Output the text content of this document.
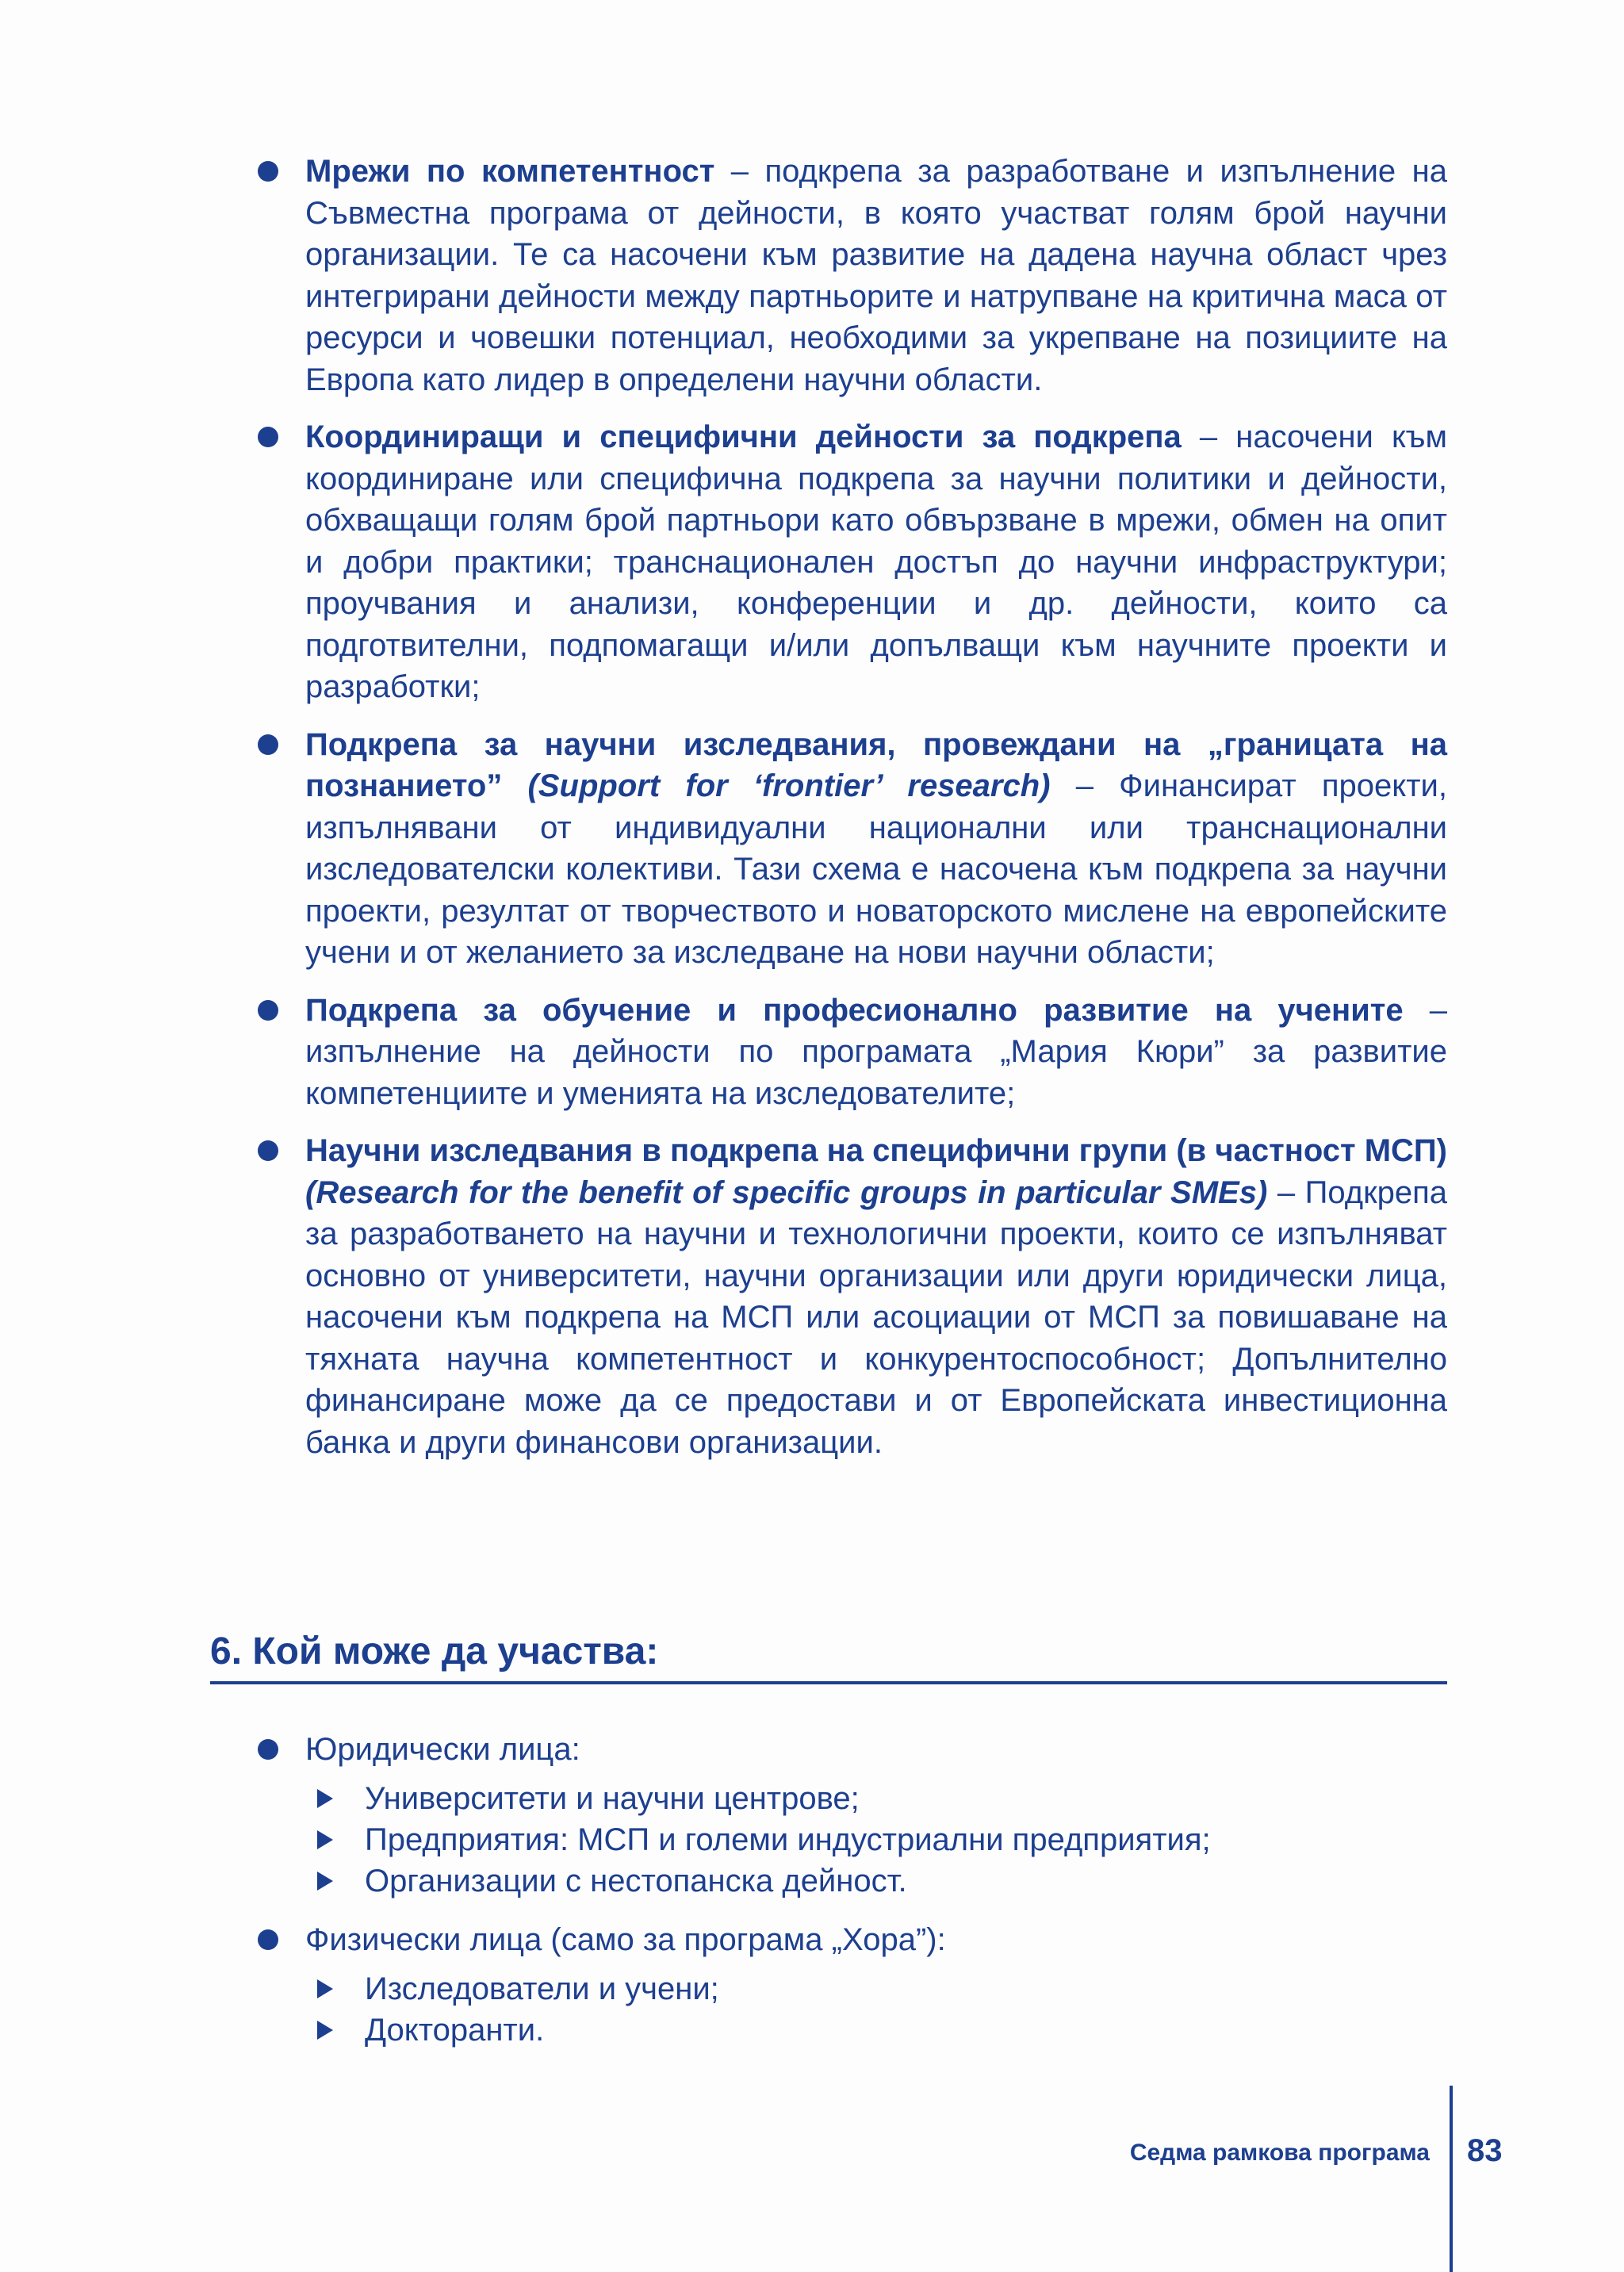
Мрежи по компетентност – подкрепа за разработване и изпълнение на Съвместна програма от дейности, в която участват голям брой научни организации. Те са насочени към развитие на дадена научна област чрез интегрирани дейности между партньорите и натрупване на критична маса от ресурси и човешки потенциал, необходими за укрепване на позициите на Европа като лидер в определени научни области.
Координиращи и специфични дейности за подкрепа – насочени към координиране или специфична подкрепа за научни политики и дейности, обхващащи голям брой партньори като обвързване в мрежи, обмен на опит и добри практики; транснационален достъп до научни инфраструктури; проучвания и анализи, конференции и др. дейности, които са подготвителни, подпомагащи и/или допълващи към научните проекти и разработки;
Подкрепа за научни изследвания, провеждани на „границата на познанието” (Support for ‘frontier’ research) – Финансират проекти, изпълнявани от индивидуални национални или транснационални изследователски колективи. Тази схема е насочена към подкрепа за научни проекти, резултат от творчеството и новаторското мислене на европейските учени и от желанието за изследване на нови научни области;
Подкрепа за обучение и професионално развитие на учените – изпълнение на дейности по програмата „Мария Кюри” за развитие компетенциите и уменията на изследователите;
Научни изследвания в подкрепа на специфични групи (в частност МСП) (Research for the benefit of specific groups in particular SMEs) – Подкрепа за разработването на научни и технологични проекти, които се изпълняват основно от университети, научни организации или други юридически лица, насочени към подкрепа на МСП или асоциации от МСП за повишаване на тяхната научна компетентност и конкурентоспособност; Допълнително финансиране може да се предостави и от Европейската инвестиционна банка и други финансови организации.
6. Кой може да участва:
Юридически лица:
Университети и научни центрове;
Предприятия: МСП и големи индустриални предприятия;
Организации с нестопанска дейност.
Физически лица (само за програма „Хора”):
Изследователи и учени;
Докторанти.
Седма рамкова програма 83
